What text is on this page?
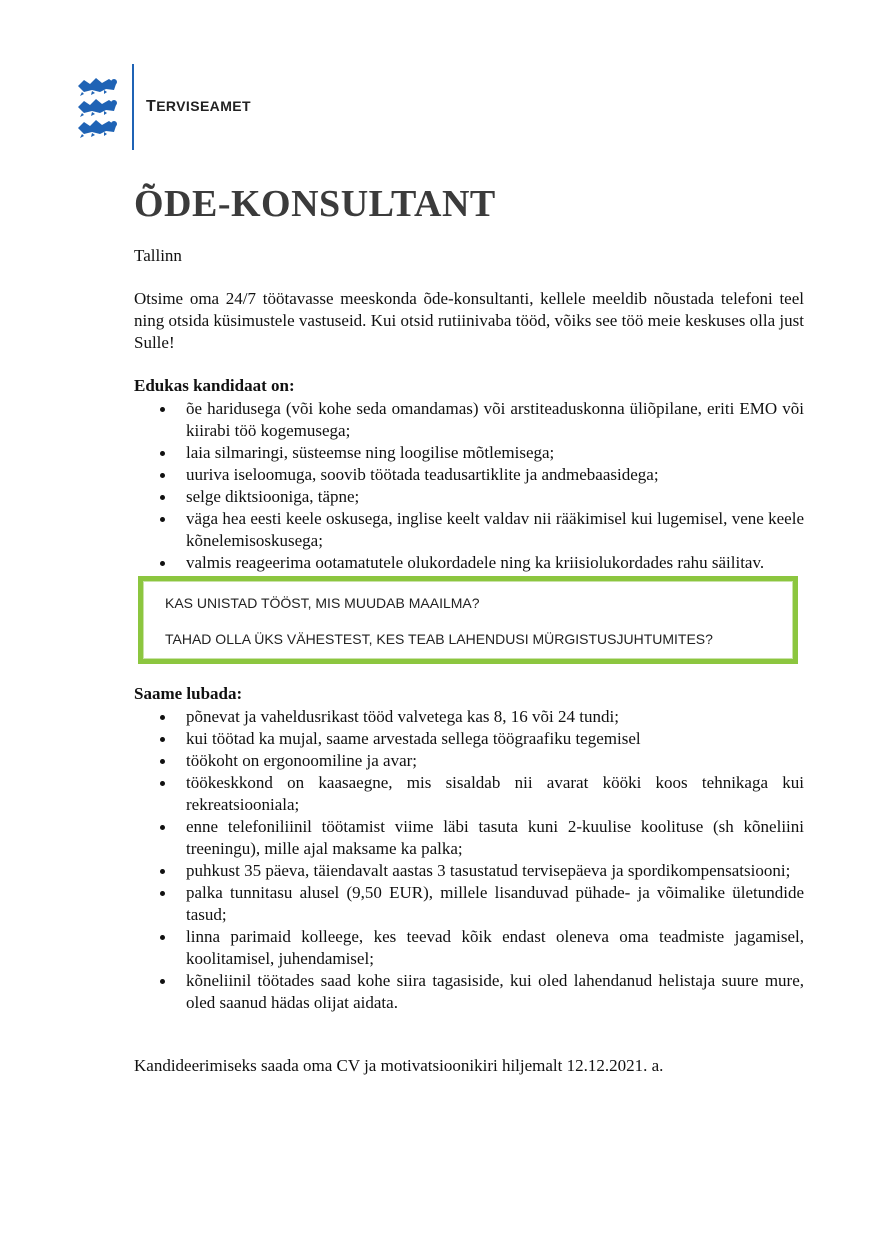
TERVISEAMET
ÕDE-KONSULTANT
Tallinn

Otsime oma 24/7 töötavasse meeskonda õde-konsultanti, kellele meeldib nõustada telefoni teel ning otsida küsimustele vastuseid. Kui otsid rutiinivaba tööd, võiks see töö meie keskuses olla just Sulle!

Edukas kandidaat on:
õe haridusega (või kohe seda omandamas) või arstiteaduskonna üliõpilane, eriti EMO või kiirabi töö kogemusega;
laia silmaringi, süsteemse ning loogilise mõtlemisega;
uuriva iseloomuga, soovib töötada teadusartiklite ja andmebaasidega;
selge diktsiooniga, täpne;
väga hea eesti keele oskusega, inglise keelt valdav nii rääkimisel kui lugemisel, vene keele kõnelemisoskusega;
valmis reageerima ootamatutele olukordadele ning ka kriisiolukordades rahu säilitav.
KAS UNISTAD TÖÖST, MIS MUUDAB MAAILMA?
TAHAD OLLA ÜKS VÄHESTEST, KES TEAB LAHENDUSI MÜRGISTUSJUHTUMITES?
Saame lubada:
põnevat ja vaheldusrikast tööd valvetega kas 8, 16 või 24 tundi;
kui töötad ka mujal, saame arvestada sellega töögraafiku tegemisel
töökoht on ergonoomiline ja avar;
töökeskkond on kaasaegne, mis sisaldab nii avarat kööki koos tehnikaga kui rekreatsiooniala;
enne telefoniliinil töötamist viime läbi tasuta kuni 2-kuulise koolituse (sh kõneliini treeningu), mille ajal maksame ka palka;
puhkust 35 päeva, täiendavalt aastas 3 tasustatud tervisepäeva ja spordikompensatsiooni;
palka tunnitasu alusel (9,50 EUR), millele lisanduvad pühade- ja võimalike ületundide tasud;
linna parimaid kolleege, kes teevad kõik endast oleneva oma teadmiste jagamisel, koolitamisel, juhendamisel;
kõneliinil töötades saad kohe siira tagasiside, kui oled lahendanud helistaja suure mure, oled saanud hädas olijat aidata.
Kandideerimiseks saada oma CV ja motivatsioonikiri hiljemalt 12.12.2021. a.
